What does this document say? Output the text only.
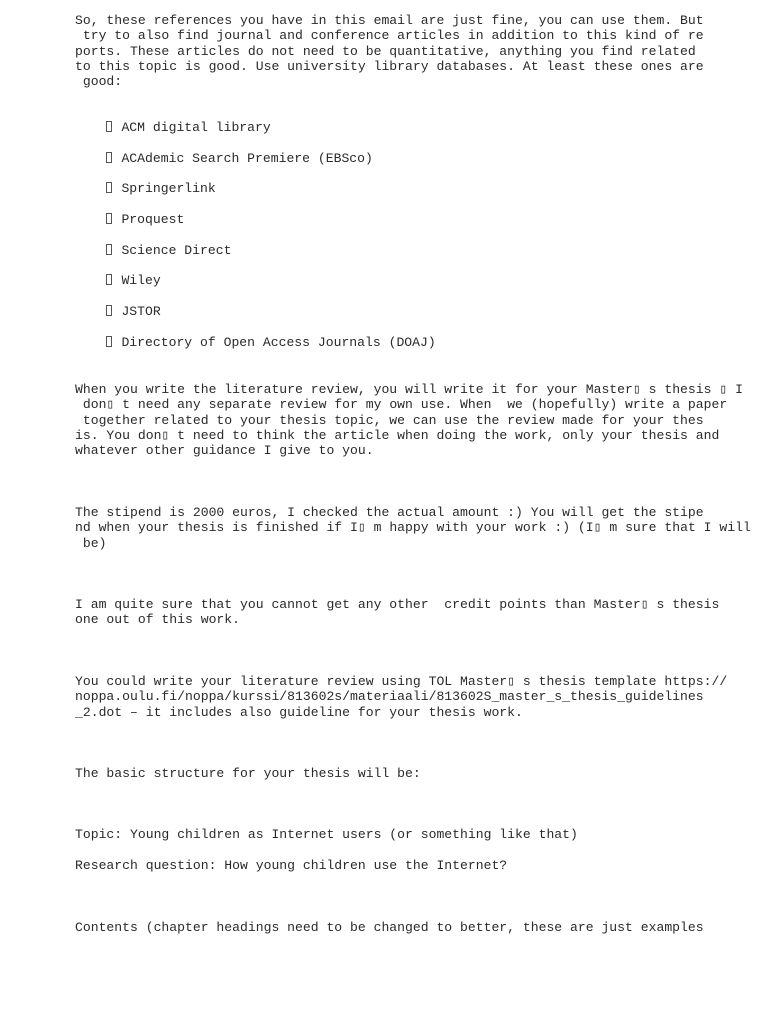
So, these references you have in this email are just fine, you can use them. But
try to also find journal and conference articles in addition to this kind of re
ports. These articles do not need to be quantitative, anything you find related
to this topic is good. Use university library databases. At least these ones are
good:

ACM digital library

ACAdemic Search Premiere (EBSco)

Springerlink

Proquest

Science Direct

Wiley

JSTOR

Directory of Open Access Journals (DOAJ)

When you write the literature review, you will write it for your Master▯ s thesis ▯ I
don▯ t need any separate review for my own use. When  we (hopefully) write a paper
together related to your thesis topic, we can use the review made for your thes
is. You don▯ t need to think the article when doing the work, only your thesis and
whatever other guidance I give to you.

The stipend is 2000 euros, I checked the actual amount :) You will get the stipe
nd when your thesis is finished if I▯ m happy with your work :) (I▯ m sure that I will
be)

I am quite sure that you cannot get any other  credit points than Master▯ s thesis
one out of this work.

You could write your literature review using TOL Master▯ s thesis template https://
noppa.oulu.fi/noppa/kurssi/813602s/materiaali/813602S_master_s_thesis_guidelines
_2.dot – it includes also guideline for your thesis work.

The basic structure for your thesis will be:

Topic: Young children as Internet users (or something like that)

Research question: How young children use the Internet?

Contents (chapter headings need to be changed to better, these are just examples
